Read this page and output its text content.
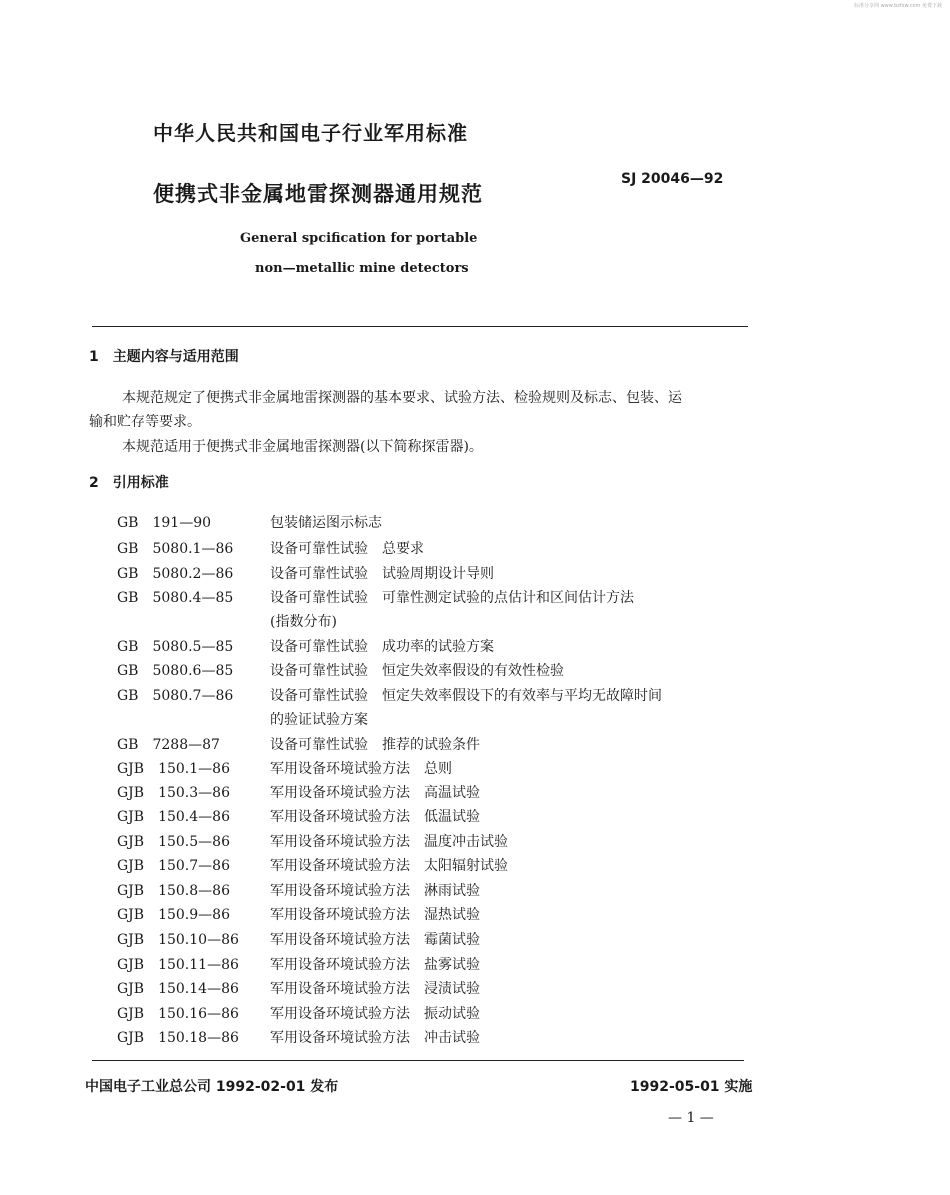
标准分享网 www.bzfxw.com 免费下载
中华人民共和国电子行业军用标准
SJ 20046—92
便携式非金属地雷探测器通用规范
General spcification for portable
non—metallic mine detectors
1　主题内容与适用范围
本规范规定了便携式非金属地雷探测器的基本要求、试验方法、检验规则及标志、包装、运
输和贮存等要求。
本规范适用于便携式非金属地雷探测器(以下简称探雷器)。
2　引用标准
GB　191—90	包装储运图示标志
GB　5080.1—86	设备可靠性试验　总要求
GB　5080.2—86	设备可靠性试验　试验周期设计导则
GB　5080.4—85	设备可靠性试验　可靠性测定试验的点估计和区间估计方法
(指数分布)
GB　5080.5—85	设备可靠性试验　成功率的试验方案
GB　5080.6—85	设备可靠性试验　恒定失效率假设的有效性检验
GB　5080.7—86	设备可靠性试验　恒定失效率假设下的有效率与平均无故障时间
的验证试验方案
GB　7288—87	设备可靠性试验　推荐的试验条件
GJB　150.1—86	军用设备环境试验方法　总则
GJB　150.3—86	军用设备环境试验方法　高温试验
GJB　150.4—86	军用设备环境试验方法　低温试验
GJB　150.5—86	军用设备环境试验方法　温度冲击试验
GJB　150.7—86	军用设备环境试验方法　太阳辐射试验
GJB　150.8—86	军用设备环境试验方法　淋雨试验
GJB　150.9—86	军用设备环境试验方法　湿热试验
GJB　150.10—86 军用设备环境试验方法　霉菌试验
GJB　150.11—86 军用设备环境试验方法　盐雾试验
GJB　150.14—86 军用设备环境试验方法　浸渍试验
GJB　150.16—86 军用设备环境试验方法　振动试验
GJB　150.18—86 军用设备环境试验方法　冲击试验
中国电子工业总公司 1992-02-01 发布	1992-05-01 实施
— 1 —
